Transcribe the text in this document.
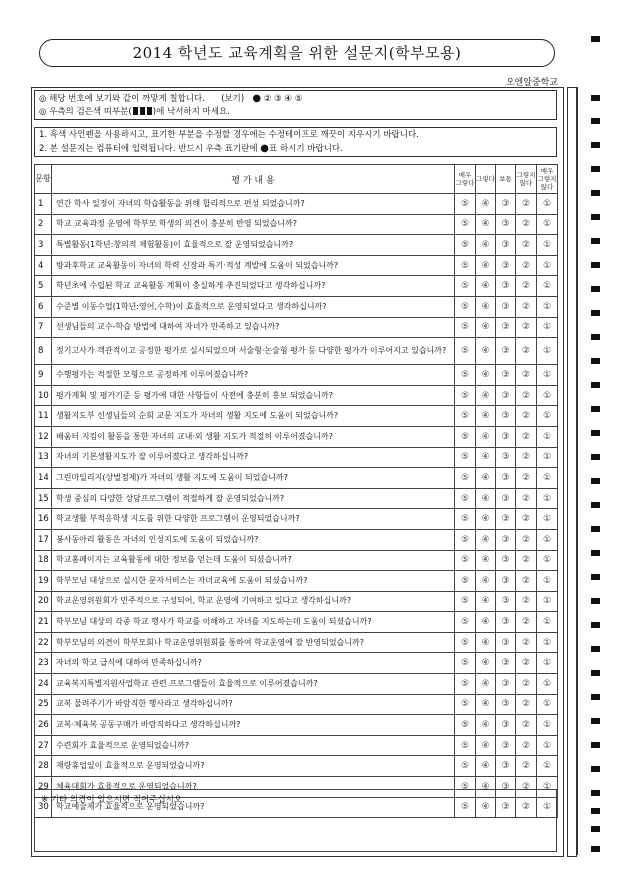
2014 학년도 교육계획을 위한 설문지(학부모용)
오엔알중학교
◎ 해당 번호에 보기와 같이 까맣게 칠합니다. (보기) ● ② ③ ④ ⑤
◎ 우측의 검은색 띠부분( )에 낙서하지 마세요.
1. 흑색 사인펜을 사용하시고, 표기한 부분을 수정할 경우에는 수정테이프로 깨끗이 지우시기 바랍니다.
2. 본 설문지는 컴퓨터에 입력됩니다. 반드시 우측 표기란에 ●표 하시기 바랍니다.
문항	평 가 내 용	매우 그렇다	그렇다	보통	그렇지 않다	매우 그렇지 않다
1	연간 학사 일정이 자녀의 학습활동을 위해 합리적으로 편성 되었습니까?	⑤	④	③	②	①
2	학교 교육과정 운영에 학부모 학생의 의견이 충분히 반영 되었습니까?	⑤	④	③	②	①
3	특별활동(1학년:창의적 체험활동)이 효율적으로 잘 운영되었습니까?	⑤	④	③	②	①
4	방과후학교 교육활동이 자녀의 학력 신장과 특기·적성 계발에 도움이 되었습니까?	⑤	④	③	②	①
5	학년초에 수립된 학교 교육활동 계획이 충실하게 추진되었다고 생각하십니까?	⑤	④	③	②	①
6	수준별 이동수업(1학년:영어,수학)이 효율적으로 운영되었다고 생각하십니까?	⑤	④	③	②	①
7	선생님들의 교수-학습 방법에 대하여 자녀가 만족하고 있습니까?	⑤	④	③	②	①
8	정기고사가 객관적이고 공정한 평가로 실시되었으며 서술형·논술형 평가 등 다양한 평가가 이루어지고 있습니까?	⑤	④	③	②	①
9	수행평가는 적절한 모형으로 공정하게 이루어졌습니까?	⑤	④	③	②	①
10	평가계획 및 평가기준 등 평가에 대한 사항들이 사전에 충분히 홍보 되었습니까?	⑤	④	③	②	①
11	생활지도부 선생님들의 순회 교문 지도가 자녀의 생활 지도에 도움이 되었습니까?	⑤	④	③	②	①
12	배움터 지킴이 활동을 통한 자녀의 교내·외 생활 지도가 적절히 이루어졌습니까?	⑤	④	③	②	①
13	자녀의 기본생활지도가 잘 이루어졌다고 생각하십니까?	⑤	④	③	②	①
14	그린마일리지(상벌점제)가 자녀의 생활 지도에 도움이 되었습니까?	⑤	④	③	②	①
15	학생 중심의 다양한 상담프로그램이 적절하게 잘 운영되었습니까?	⑤	④	③	②	①
16	학교생활 부적응학생 지도를 위한 다양한 프로그램이 운영되었습니까?	⑤	④	③	②	①
17	봉사동아리 활동은 자녀의 인성지도에 도움이 되었습니까?	⑤	④	③	②	①
18	학교홈페이지는 교육활동에 대한 정보를 얻는데 도움이 되셨습니까?	⑤	④	③	②	①
19	학부모님 대상으로 실시한 문자서비스는 자녀교육에 도움이 되셨습니까?	⑤	④	③	②	①
20	학교운영위원회가 민주적으로 구성되어, 학교 운영에 기여하고 있다고 생각하십니까?	⑤	④	③	②	①
21	학부모님 대상의 각종 학교 행사가 학교를 이해하고 자녀를 지도하는데 도움이 되셨습니까?	⑤	④	③	②	①
22	학부모님의 의견이 학부모회나 학교운영위원회를 통하여 학교운영에 잘 반영되었습니까?	⑤	④	③	②	①
23	자녀의 학교 급식에 대하여 만족하십니까?	⑤	④	③	②	①
24	교육복지특별지원사업학교 관련 프로그램들이 효율적으로 이루어졌습니까?	⑤	④	③	②	①
25	교복 물려주기가 바람직한 행사라고 생각하십니까?	⑤	④	③	②	①
26	교복·체육복 공동구매가 바람직하다고 생각하십니까?	⑤	④	③	②	①
27	수련회가 효율적으로 운영되었습니까?	⑤	④	③	②	①
28	재량휴업일이 효율적으로 운영되었습니까?	⑤	④	③	②	①
29	체육대회가 효율적으로 운영되었습니까?	⑤	④	③	②	①
30	학교예술제가 효율적으로 운영되었습니까?	⑤	④	③	②	①
※ 기타 의견이 있으시면 적어주십시오.
